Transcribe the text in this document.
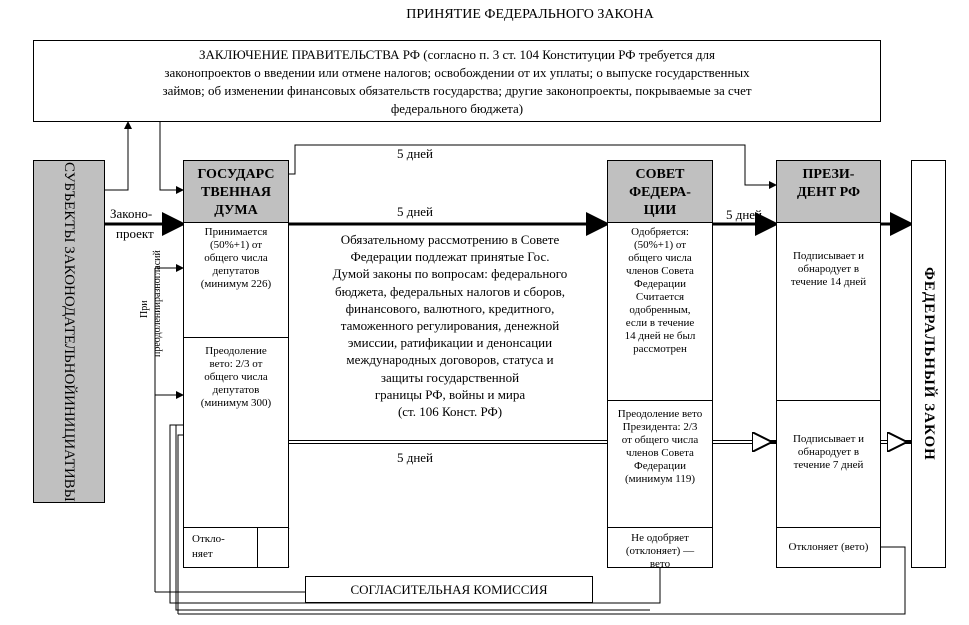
ПРИНЯТИЕ ФЕДЕРАЛЬНОГО ЗАКОНА
ЗАКЛЮЧЕНИЕ ПРАВИТЕЛЬСТВА РФ (согласно п. 3 ст. 104 Конституции РФ требуется для
законопроектов о введении или отмене налогов; освобождении от их уплаты; о выпуске государственных
займов; об изменении финансовых обязательств государства; другие законопроекты, покрываемые за счет
федерального бюджета)
СУБЪЕКТЫ ЗАКОНОДАТЕЛЬНОЙ
ИНИЦИАТИВЫ
Законо-
проект
При преодоленииразногласий
ГОСУДАРС
ТВЕННАЯ
ДУМА
Принимается
(50%+1) от
общего числа
депутатов
(минимум 226)
Преодоление
вето: 2/3 от
общего числа
депутатов
(минимум 300)
Откло-
няет
5 дней
5 дней	5 дней
5 дней
Обязательному рассмотрению в Совете
Федерации подлежат принятые Гос.
Думой законы по вопросам: федерального
бюджета, федеральных налогов и сборов,
финансового, валютного, кредитного,
таможенного регулирования, денежной
эмиссии, ратификации и денонсации
международных договоров, статуса и
защиты государственной
границы РФ, войны и мира
(ст. 106 Конст. РФ)
СОВЕТ
ФЕДЕРА-
ЦИИ
Одобряется:
(50%+1) от
общего числа
членов Совета
Федерации
Считается
одобренным,
если в течение
14 дней не был
рассмотрен
Преодоление вето
Президента: 2/3
от общего числа
членов Совета
Федерации
(минимум 119)
Не одобряет
(отклоняет) —
вето
ПРЕЗИ-
ДЕНТ РФ
Подписывает и
обнародует в
течение 14 дней
Подписывает и
обнародует в
течение 7 дней
Отклоняет (вето)
ФЕДЕРАЛЬНЫЙ ЗАКОН
СОГЛАСИТЕЛЬНАЯ КОМИССИЯ
